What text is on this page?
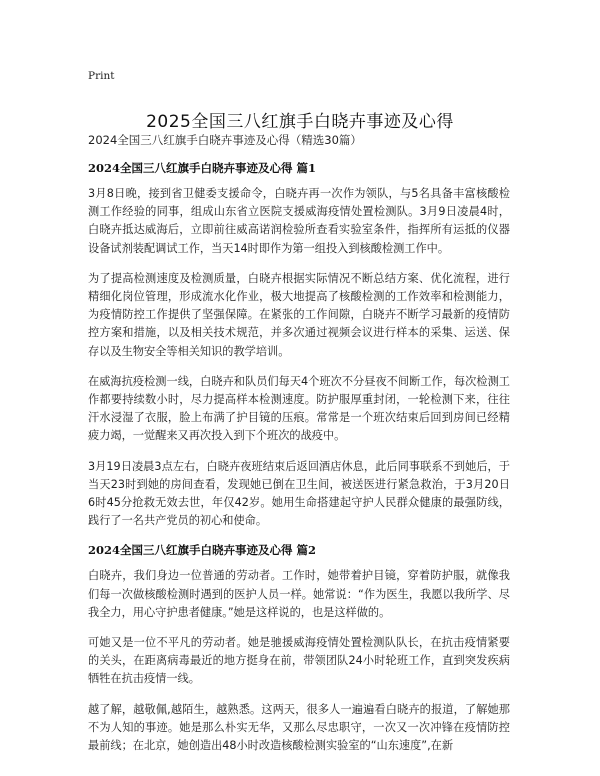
Print
2025全国三八红旗手白晓卉事迹及心得
2024全国三八红旗手白晓卉事迹及心得（精选30篇）
2024全国三八红旗手白晓卉事迹及心得 篇1

3月8日晚，接到省卫健委支援命令，白晓卉再一次作为领队，与5名具备丰富核酸检测工作经验的同事，组成山东省立医院支援威海疫情处置检测队。3月9日凌晨4时，白晓卉抵达威海后，立即前往威高诺润检验所查看实验室条件，指挥所有运抵的仪器设备试剂装配调试工作，当天14时即作为第一组投入到核酸检测工作中。

为了提高检测速度及检测质量，白晓卉根据实际情况不断总结方案、优化流程，进行精细化岗位管理，形成流水化作业，极大地提高了核酸检测的工作效率和检测能力，为疫情防控工作提供了坚强保障。在紧张的工作间隙，白晓卉不断学习最新的疫情防控方案和措施，以及相关技术规范，并多次通过视频会议进行样本的采集、运送、保存以及生物安全等相关知识的教学培训。

在威海抗疫检测一线，白晓卉和队员们每天4个班次不分昼夜不间断工作，每次检测工作都要持续数小时，尽力提高样本检测速度。防护服厚重封闭，一轮检测下来，往往汗水浸湿了衣服，脸上布满了护目镜的压痕。常常是一个班次结束后回到房间已经精疲力竭，一觉醒来又再次投入到下个班次的战疫中。

3月19日凌晨3点左右，白晓卉夜班结束后返回酒店休息，此后同事联系不到她后，于当天23时到她的房间查看，发现她已倒在卫生间，被送医进行紧急救治，于3月20日6时45分抢救无效去世，年仅42岁。她用生命搭建起守护人民群众健康的最强防线，践行了一名共产党员的初心和使命。

2024全国三八红旗手白晓卉事迹及心得 篇2

白晓卉，我们身边一位普通的劳动者。工作时，她带着护目镜，穿着防护服，就像我们每一次做核酸检测时遇到的医护人员一样。她常说：“作为医生，我愿以我所学、尽我全力，用心守护患者健康。”她是这样说的，也是这样做的。

可她又是一位不平凡的劳动者。她是驰援威海疫情处置检测队队长，在抗击疫情紧要的关头，在距离病毒最近的地方挺身在前，带领团队24小时轮班工作，直到突发疾病牺牲在抗击疫情一线。

越了解，越敬佩,越陌生，越熟悉。这两天，很多人一遍遍看白晓卉的报道，了解她那不为人知的事迹。她是那么朴实无华，又那么尽忠职守，一次又一次冲锋在疫情防控最前线；在北京，她创造出48小时改造核酸检测实验室的“山东速度”,在新
